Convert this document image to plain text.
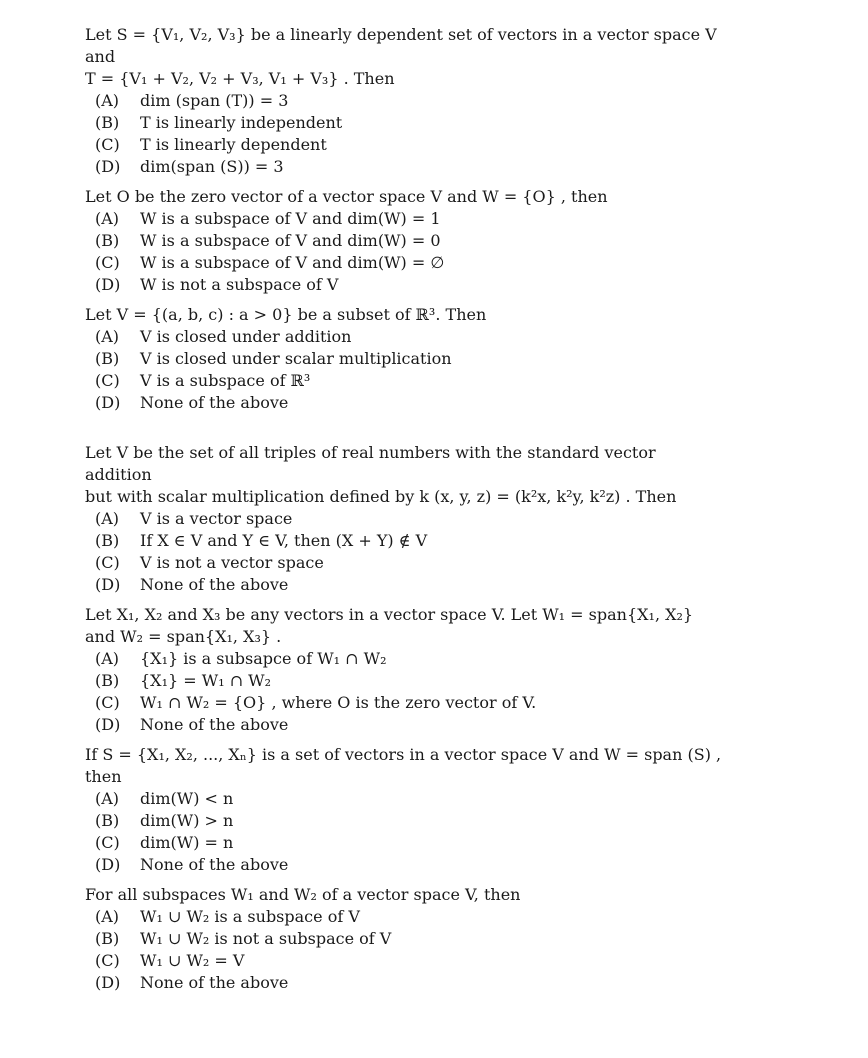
Let S = {V₁, V₂, V₃} be a linearly dependent set of vectors in a vector space V and
T = {V₁ + V₂, V₂ + V₃, V₁ + V₃} . Then

(A)	dim (span (T)) = 3
(B)	T is linearly independent
(C)	T is linearly dependent
(D)	dim(span (S)) = 3

Let O be the zero vector of a vector space V and W = {O} , then

(A)	W is a subspace of V and dim(W) = 1
(B)	W is a subspace of V and dim(W) = 0
(C)	W is a subspace of V and dim(W) = ∅
(D)	W is not a subspace of V

Let V = {(a, b, c) : a > 0} be a subset of ℝ³. Then

(A)	V is closed under addition
(B)	V is closed under scalar multiplication
(C)	V is a subspace of ℝ³
(D)	None of the above

Let V be the set of all triples of real numbers with the standard vector addition
but with scalar multiplication defined by k (x, y, z) = (k²x, k²y, k²z) . Then

(A)	V is a vector space
(B)	If X ∈ V and Y ∈ V, then (X + Y) ∉ V
(C)	V is not a vector space
(D)	None of the above

Let X₁, X₂ and X₃ be any vectors in a vector space V. Let W₁ = span{X₁, X₂}
and W₂ = span{X₁, X₃} .

(A)	{X₁} is a subsapce of W₁ ∩ W₂
(B)	{X₁} = W₁ ∩ W₂
(C)	W₁ ∩ W₂ = {O} , where O is the zero vector of V.
(D)	None of the above

If S = {X₁, X₂, ..., Xₙ} is a set of vectors in a vector space V and W = span (S) ,
then

(A)	dim(W) < n
(B)	dim(W) > n
(C)	dim(W) = n
(D)	None of the above

For all subspaces W₁ and W₂ of a vector space V, then

(A)	W₁ ∪ W₂ is a subspace of V
(B)	W₁ ∪ W₂ is not a subspace of V
(C)	W₁ ∪ W₂ = V
(D)	None of the above
